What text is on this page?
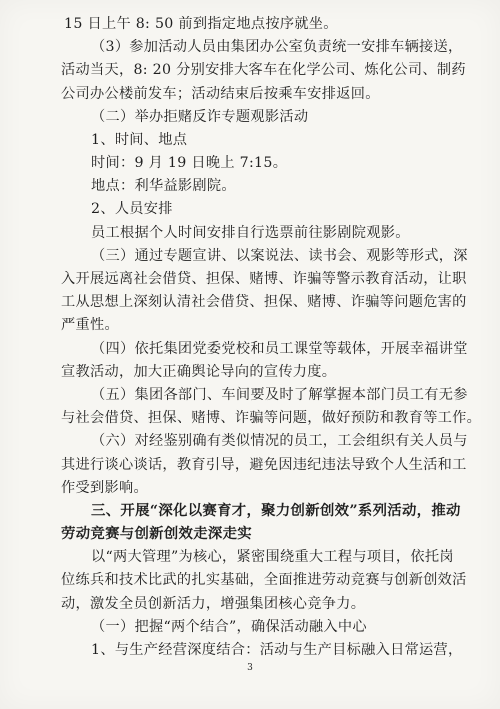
15 日上午 8: 50 前到指定地点按序就坐。
（3）参加活动人员由集团办公室负责统一安排车辆接送，
活动当天，8: 20 分别安排大客车在化学公司、炼化公司、制药
公司办公楼前发车；活动结束后按乘车安排返回。
（二）举办拒赌反诈专题观影活动
1、时间、地点
时间：9 月 19 日晚上 7:15。
地点：利华益影剧院。
2、人员安排
员工根据个人时间安排自行选票前往影剧院观影。
（三）通过专题宣讲、以案说法、读书会、观影等形式，深
入开展远离社会借贷、担保、赌博、诈骗等警示教育活动，让职
工从思想上深刻认清社会借贷、担保、赌博、诈骗等问题危害的
严重性。
（四）依托集团党委党校和员工课堂等载体，开展幸福讲堂
宣教活动，加大正确舆论导向的宣传力度。
（五）集团各部门、车间要及时了解掌握本部门员工有无参
与社会借贷、担保、赌博、诈骗等问题，做好预防和教育等工作。
（六）对经鉴别确有类似情况的员工，工会组织有关人员与
其进行谈心谈话，教育引导，避免因违纪违法导致个人生活和工
作受到影响。
三、开展“深化以赛育才，聚力创新创效”系列活动，推动
劳动竞赛与创新创效走深走实
以“两大管理”为核心，紧密围绕重大工程与项目，依托岗
位练兵和技术比武的扎实基础，全面推进劳动竞赛与创新创效活
动，激发全员创新活力，增强集团核心竞争力。
（一）把握“两个结合”，确保活动融入中心
1、与生产经营深度结合：活动与生产目标融入日常运营，
3
